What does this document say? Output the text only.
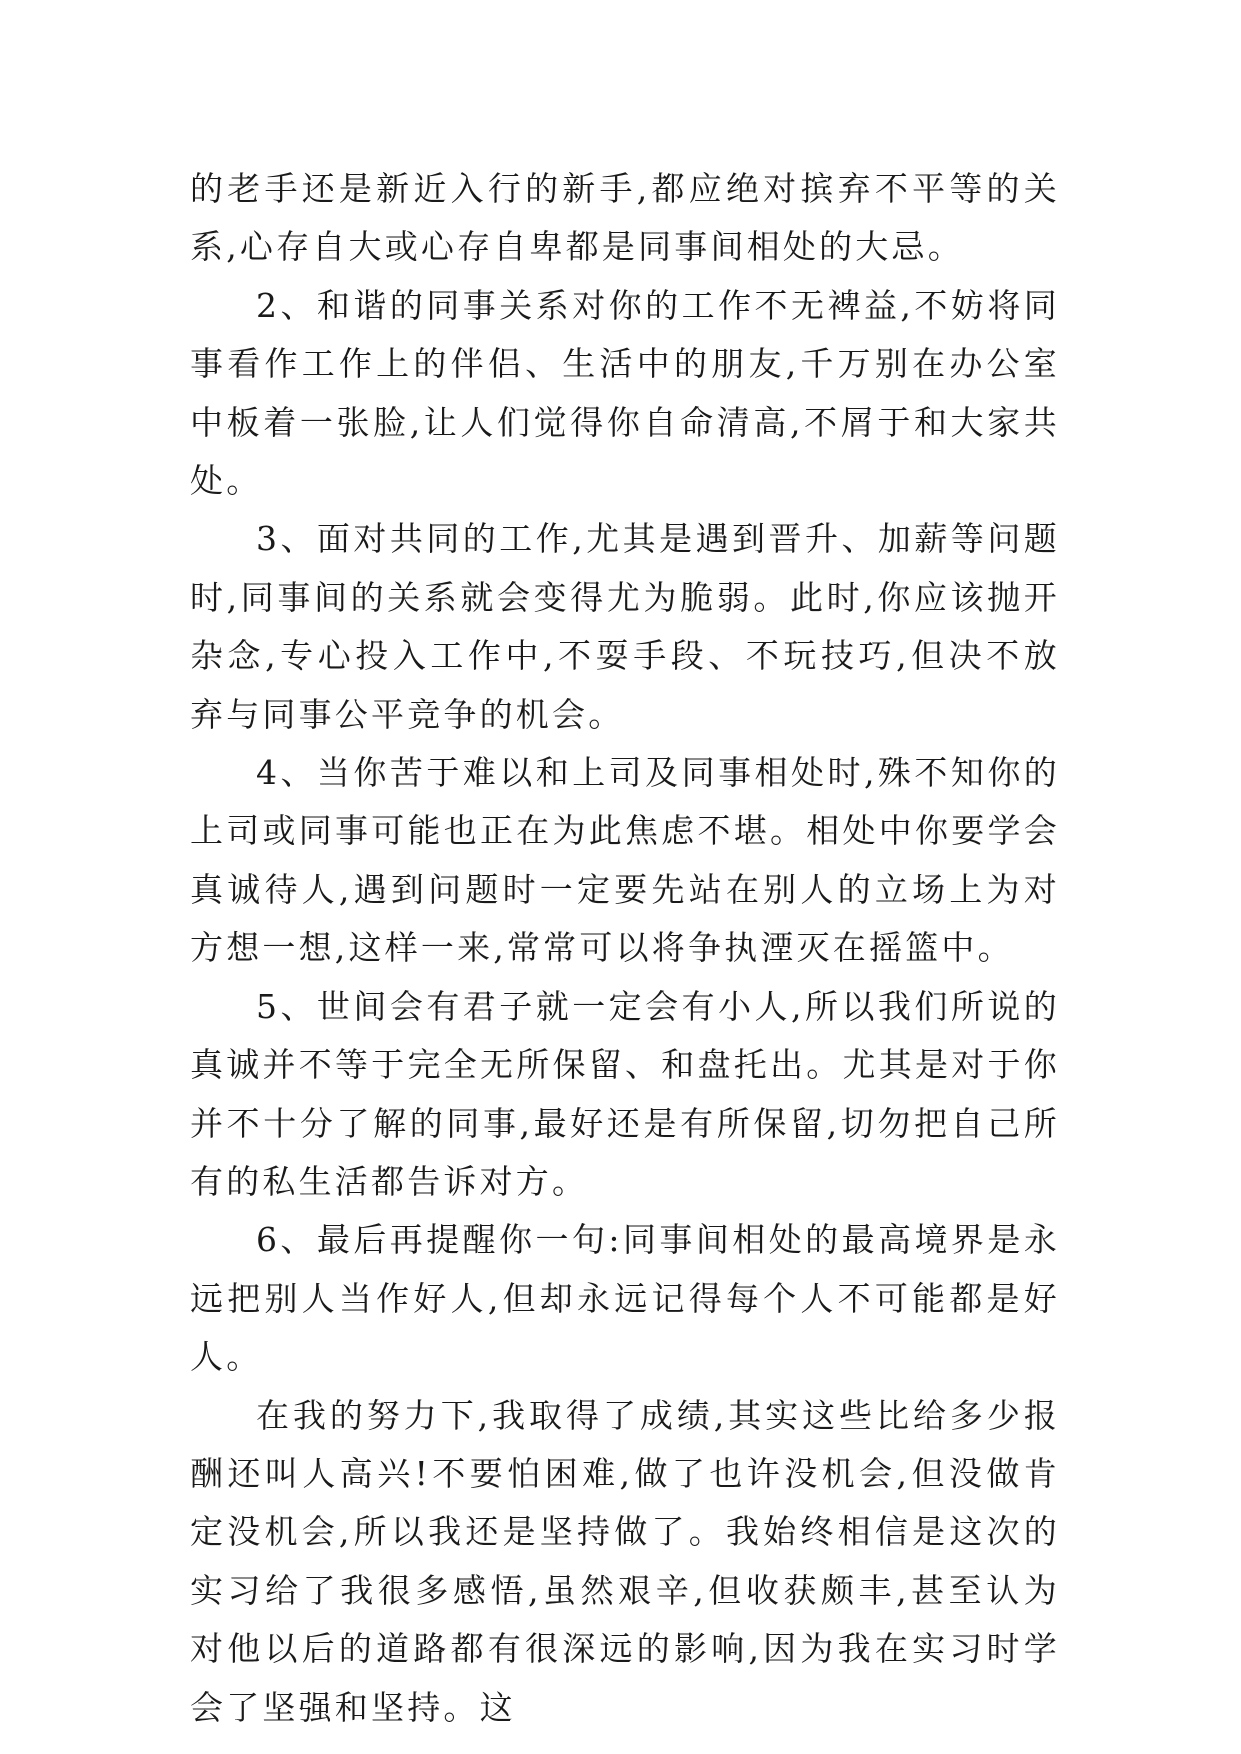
的老手还是新近入行的新手,都应绝对摈弃不平等的关系,心存自大或心存自卑都是同事间相处的大忌。

2、和谐的同事关系对你的工作不无裨益,不妨将同事看作工作上的伴侣、生活中的朋友,千万别在办公室中板着一张脸,让人们觉得你自命清高,不屑于和大家共处。

3、面对共同的工作,尤其是遇到晋升、加薪等问题时,同事间的关系就会变得尤为脆弱。此时,你应该抛开杂念,专心投入工作中,不耍手段、不玩技巧,但决不放弃与同事公平竞争的机会。

4、当你苦于难以和上司及同事相处时,殊不知你的上司或同事可能也正在为此焦虑不堪。相处中你要学会真诚待人,遇到问题时一定要先站在别人的立场上为对方想一想,这样一来,常常可以将争执湮灭在摇篮中。

5、世间会有君子就一定会有小人,所以我们所说的真诚并不等于完全无所保留、和盘托出。尤其是对于你并不十分了解的同事,最好还是有所保留,切勿把自己所有的私生活都告诉对方。

6、最后再提醒你一句:同事间相处的最高境界是永远把别人当作好人,但却永远记得每个人不可能都是好人。

在我的努力下,我取得了成绩,其实这些比给多少报酬还叫人高兴!不要怕困难,做了也许没机会,但没做肯定没机会,所以我还是坚持做了。我始终相信是这次的实习给了我很多感悟,虽然艰辛,但收获颇丰,甚至认为对他以后的道路都有很深远的影响,因为我在实习时学会了坚强和坚持。这
